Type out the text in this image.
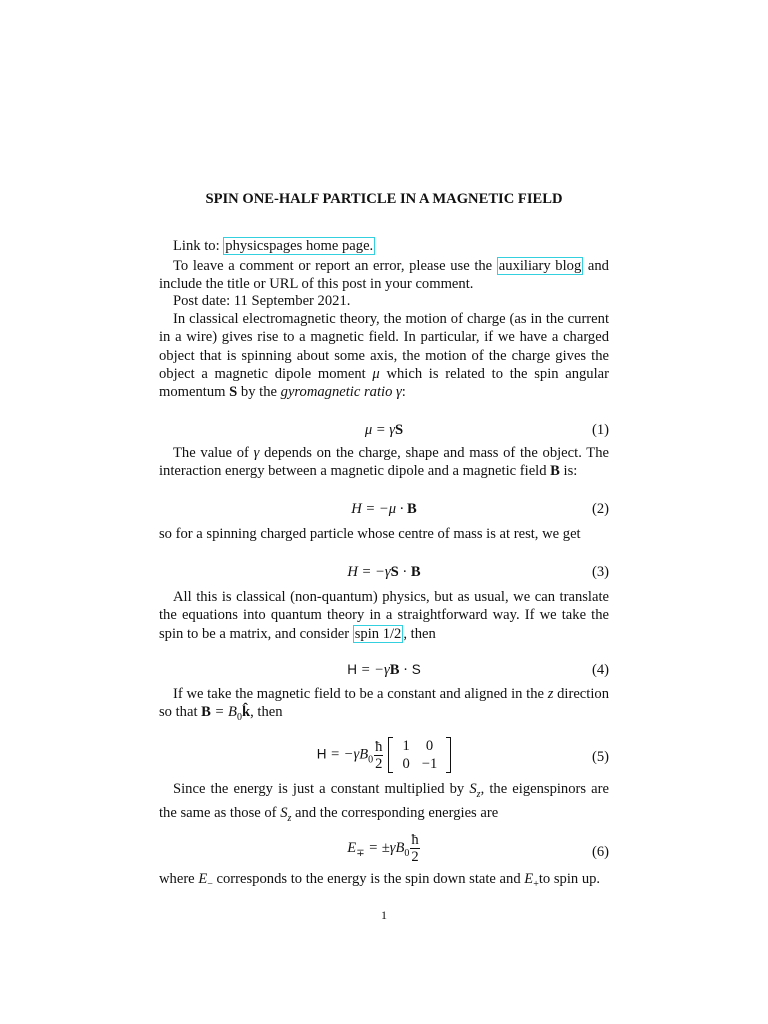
SPIN ONE-HALF PARTICLE IN A MAGNETIC FIELD
Link to: physicspages home page.
To leave a comment or report an error, please use the auxiliary blog and include the title or URL of this post in your comment.
Post date: 11 September 2021.
In classical electromagnetic theory, the motion of charge (as in the current in a wire) gives rise to a magnetic field. In particular, if we have a charged object that is spinning about some axis, the motion of the charge gives the object a magnetic dipole moment μ which is related to the spin angular momentum S by the gyromagnetic ratio γ:
μ = γS	(1)
The value of γ depends on the charge, shape and mass of the object. The interaction energy between a magnetic dipole and a magnetic field B is:
H = −μ · B	(2)
so for a spinning charged particle whose centre of mass is at rest, we get
H = −γS · B	(3)
All this is classical (non-quantum) physics, but as usual, we can translate the equations into quantum theory in a straightforward way. If we take the spin to be a matrix, and consider spin 1/2 , then
H = −γB · S	(4)
If we take the magnetic field to be a constant and aligned in the z direction so that $B = B_0k̂$, then
$H = -\gamma B_0 \frac{ħ}{2} 1$	0
0	−1	(5)
Since the energy is just a constant multiplied by $S_z$, the eigenspinors are the same as those of $S_z$ and the corresponding energies are
$E_\mp = \pm\gamma B_0 \frac{ħ}{2}$	(6)
where $E_-$ corresponds to the energy is the spin down state and $E_+to$ spin up.
1
